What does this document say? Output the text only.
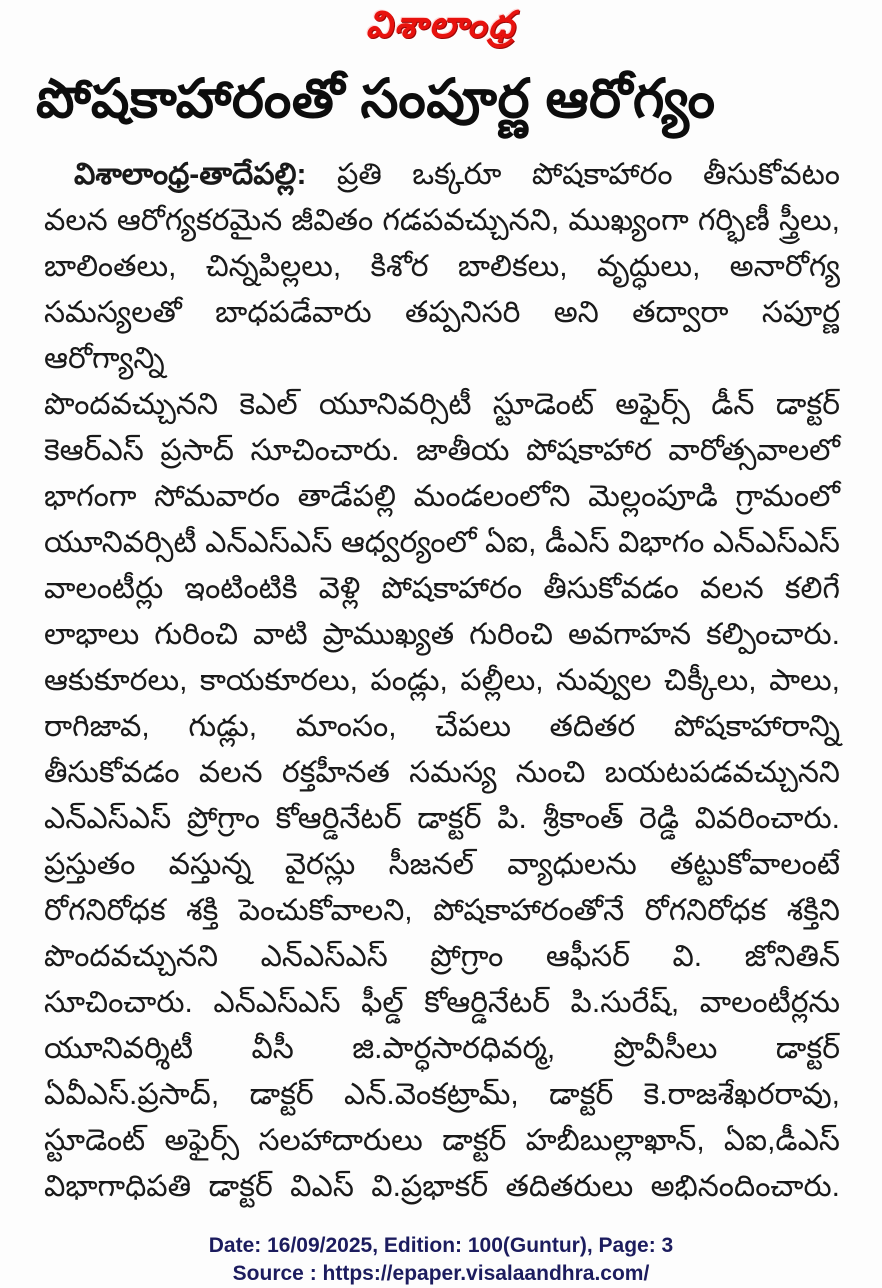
విశాలాంధ్ర
పోషకాహారంతో సంపూర్ణ ఆరోగ్యం
విశాలాంధ్ర-తాదేపల్లి: ప్రతి ఒక్కరూ పోషకాహారం తీసుకోవటం
వలన ఆరోగ్యకరమైన జీవితం గడపవచ్చునని, ముఖ్యంగా గర్భిణీ స్త్రీలు,
బాలింతలు, చిన్నపిల్లలు, కిశోర బాలికలు, వృద్ధులు, అనారోగ్య
సమస్యలతో బాధపడేవారు తప్పనిసరి అని తద్వారా సపూర్ణ ఆరోగ్యాన్ని
పొందవచ్చునని కెఎల్ యూనివర్సిటీ స్టూడెంట్ అఫైర్స్ డీన్ డాక్టర్
కెఆర్ఎస్ ప్రసాద్ సూచించారు. జాతీయ పోషకాహార వారోత్సవాలలో
భాగంగా సోమవారం తాడేపల్లి మండలంలోని మెల్లంపూడి గ్రామంలో
యూనివర్సిటీ ఎన్ఎస్ఎస్ ఆధ్వర్యంలో ఏఐ, డీఎస్ విభాగం ఎన్ఎస్ఎస్
వాలంటీర్లు ఇంటింటికి వెళ్లి పోషకాహారం తీసుకోవడం వలన కలిగే
లాభాలు గురించి వాటి ప్రాముఖ్యత గురించి అవగాహన కల్పించారు.
ఆకుకూరలు, కాయకూరలు, పండ్లు, పల్లీలు, నువ్వుల చిక్కీలు, పాలు,
రాగిజావ, గుడ్లు, మాంసం, చేపలు తదితర పోషకాహారాన్ని
తీసుకోవడం వలన రక్తహీనత సమస్య నుంచి బయటపడవచ్చునని
ఎన్ఎస్ఎస్ ప్రోగ్రాం కోఆర్డినేటర్ డాక్టర్ పి. శ్రీకాంత్ రెడ్డి వివరించారు.
ప్రస్తుతం వస్తున్న వైరస్లు సీజనల్ వ్యాధులను తట్టుకోవాలంటే
రోగనిరోధక శక్తి పెంచుకోవాలని, పోషకాహారంతోనే రోగనిరోధక శక్తిని
పొందవచ్చునని ఎన్ఎస్ఎస్ ప్రోగ్రాం ఆఫీసర్ వి. జోనితిన్
సూచించారు. ఎన్ఎస్ఎస్ ఫీల్డ్ కోఆర్డినేటర్ పి.సురేష్, వాలంటీర్లను
యూనివర్శిటీ వీసీ జి.పార్ధసారధివర్మ, ప్రొవీసీలు డాక్టర్
ఏవీఎస్.ప్రసాద్, డాక్టర్ ఎన్.వెంకట్రామ్, డాక్టర్ కె.రాజశేఖరరావు,
స్టూడెంట్ అఫైర్స్ సలహాదారులు డాక్టర్ హబీబుల్లాఖాన్, ఏఐ,డీఎస్
విభాగాధిపతి డాక్టర్ విఎస్ వి.ప్రభాకర్ తదితరులు అభినందించారు.
Date: 16/09/2025, Edition: 100(Guntur), Page: 3
Source : https://epaper.visalaandhra.com/
